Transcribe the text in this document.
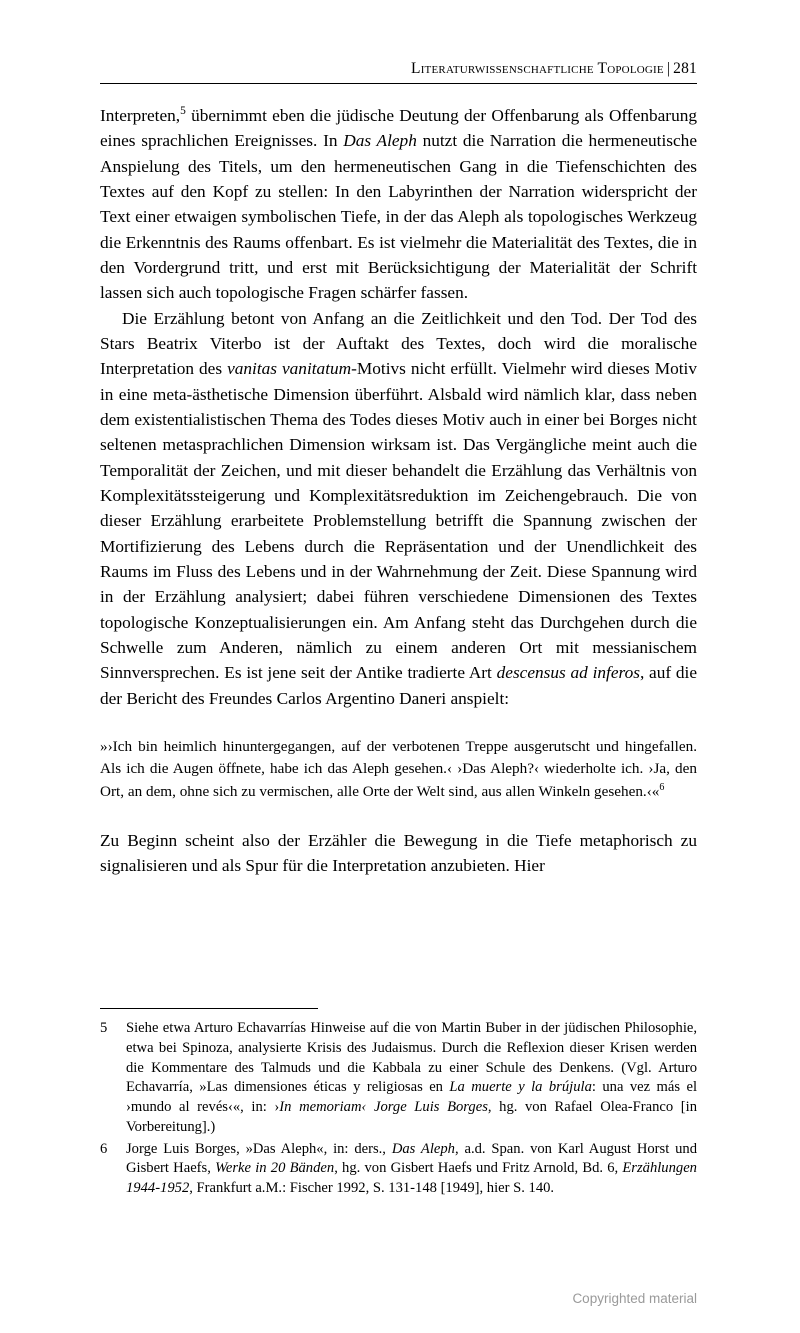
Literaturwissenschaftliche Topologie | 281

Interpreten,$^5$ übernimmt eben die jüdische Deutung der Offenbarung als Offenbarung eines sprachlichen Ereignisses. In Das Aleph nutzt die Narration die hermeneutische Anspielung des Titels, um den hermeneutischen Gang in die Tiefenschichten des Textes auf den Kopf zu stellen: In den Labyrinthen der Narration widerspricht der Text einer etwaigen symbolischen Tiefe, in der das Aleph als topologisches Werkzeug die Erkenntnis des Raums offenbart. Es ist vielmehr die Materialität des Textes, die in den Vordergrund tritt, und erst mit Berücksichtigung der Materialität der Schrift lassen sich auch topologische Fragen schärfer fassen.

Die Erzählung betont von Anfang an die Zeitlichkeit und den Tod. Der Tod des Stars Beatrix Viterbo ist der Auftakt des Textes, doch wird die moralische Interpretation des vanitas vanitatum-Motivs nicht erfüllt. Vielmehr wird dieses Motiv in eine meta-ästhetische Dimension überführt. Alsbald wird nämlich klar, dass neben dem existentialistischen Thema des Todes dieses Motiv auch in einer bei Borges nicht seltenen metasprachlichen Dimension wirksam ist. Das Vergängliche meint auch die Temporalität der Zeichen, und mit dieser behandelt die Erzählung das Verhältnis von Komplexitätssteigerung und Komplexitätsreduktion im Zeichengebrauch. Die von dieser Erzählung erarbeitete Problemstellung betrifft die Spannung zwischen der Mortifizierung des Lebens durch die Repräsentation und der Unendlichkeit des Raums im Fluss des Lebens und in der Wahrnehmung der Zeit. Diese Spannung wird in der Erzählung analysiert; dabei führen verschiedene Dimensionen des Textes topologische Konzeptualisierungen ein. Am Anfang steht das Durchgehen durch die Schwelle zum Anderen, nämlich zu einem anderen Ort mit messianischem Sinnversprechen. Es ist jene seit der Antike tradierte Art descensus ad inferos, auf die der Bericht des Freundes Carlos Argentino Daneri anspielt:

»›Ich bin heimlich hinuntergegangen, auf der verbotenen Treppe ausgerutscht und hingefallen. Als ich die Augen öffnete, habe ich das Aleph gesehen.‹ ›Das Aleph?‹ wiederholte ich. ›Ja, den Ort, an dem, ohne sich zu vermischen, alle Orte der Welt sind, aus allen Winkeln gesehen.‹«$^6$

Zu Beginn scheint also der Erzähler die Bewegung in die Tiefe metaphorisch zu signalisieren und als Spur für die Interpretation anzubieten. Hier

5	Siehe etwa Arturo Echavarrías Hinweise auf die von Martin Buber in der jüdischen Philosophie, etwa bei Spinoza, analysierte Krisis des Judaismus. Durch die Reflexion dieser Krisen werden die Kommentare des Talmuds und die Kabbala zu einer Schule des Denkens. (Vgl. Arturo Echavarría, »Las dimensiones éticas y religiosas en La muerte y la brújula: una vez más el ›mundo al revés‹«, in: ›In memoriam‹ Jorge Luis Borges, hg. von Rafael Olea-Franco [in Vorbereitung].)
6	Jorge Luis Borges, »Das Aleph«, in: ders., Das Aleph, a.d. Span. von Karl August Horst und Gisbert Haefs, Werke in 20 Bänden, hg. von Gisbert Haefs und Fritz Arnold, Bd. 6, Erzählungen 1944-1952, Frankfurt a.M.: Fischer 1992, S. 131-148 [1949], hier S. 140.
Copyrighted material
